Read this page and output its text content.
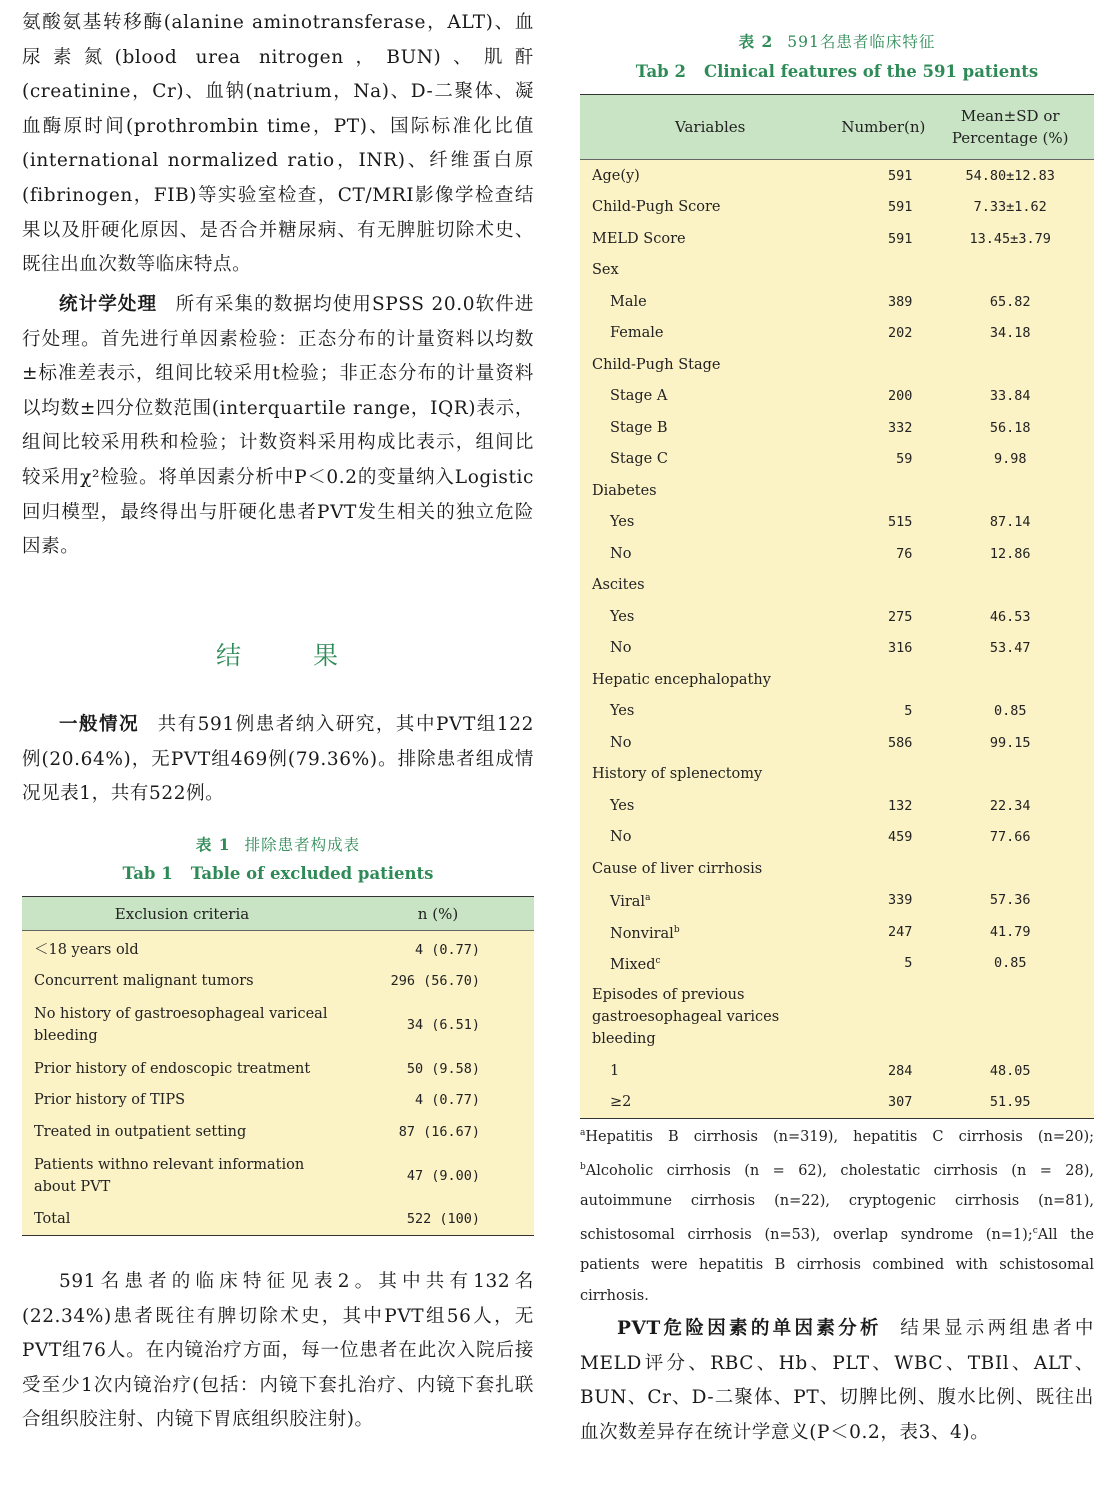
氨酸氨基转移酶(alanine aminotransferase，ALT)、血尿素氮(blood urea nitrogen，BUN)、肌酐(creatinine，Cr)、血钠(natrium，Na)、D-二聚体、凝血酶原时间(prothrombin time，PT)、国际标准化比值(international normalized ratio，INR)、纤维蛋白原(fibrinogen，FIB)等实验室检查，CT/MRI影像学检查结果以及肝硬化原因、是否合并糖尿病、有无脾脏切除术史、既往出血次数等临床特点。

统计学处理 所有采集的数据均使用SPSS 20.0软件进行处理。首先进行单因素检验：正态分布的计量资料以均数±标准差表示，组间比较采用t检验；非正态分布的计量资料以均数±四分位数范围(interquartile range，IQR)表示，组间比较采用秩和检验；计数资料采用构成比表示，组间比较采用χ²检验。将单因素分析中P＜0.2的变量纳入Logistic回归模型，最终得出与肝硬化患者PVT发生相关的独立危险因素。

结 果

一般情况 共有591例患者纳入研究，其中PVT组122例(20.64%)，无PVT组469例(79.36%)。排除患者组成情况见表1，共有522例。

表 1 排除患者构成表
Tab 1 Table of excluded patients
Exclusion criteria	n (%)
＜18 years old	4 (0.77)
Concurrent malignant tumors	296 (56.70)
No history of gastroesophageal variceal bleeding	34 (6.51)
Prior history of endoscopic treatment	50 (9.58)
Prior history of TIPS	4 (0.77)
Treated in outpatient setting	87 (16.67)
Patients withno relevant information about PVT	47 (9.00)
Total	522 (100)

591名患者的临床特征见表2。其中共有132名(22.34%)患者既往有脾切除术史，其中PVT组56人，无PVT组76人。在内镜治疗方面，每一位患者在此次入院后接受至少1次内镜治疗(包括：内镜下套扎治疗、内镜下套扎联合组织胶注射、内镜下胃底组织胶注射)。

表 2 591名患者临床特征
Tab 2 Clinical features of the 591 patients
Variables	Number(n)	Mean±SD or Percentage (%)
Age(y)	591	54.80±12.83
Child-Pugh Score	591	7.33±1.62
MELD Score	591	13.45±3.79
Sex		
Male	389	65.82
Female	202	34.18
Child-Pugh Stage		
Stage A	200	33.84
Stage B	332	56.18
Stage C	59	9.98
Diabetes		
Yes	515	87.14
No	76	12.86
Ascites		
Yes	275	46.53
No	316	53.47
Hepatic encephalopathy		
Yes	5	0.85
No	586	99.15
History of splenectomy		
Yes	132	22.34
No	459	77.66
Cause of liver cirrhosis		
Viral$^a$	339	57.36
Nonviral$^b$	247	41.79
Mixed$^c$	5	0.85
Episodes of previous gastroesophageal varices bleeding		
1	284	48.05
≥2	307	51.95

$^a$Hepatitis B cirrhosis (n=319), hepatitis C cirrhosis (n=20); $^b$Alcoholic cirrhosis (n = 62), cholestatic cirrhosis (n = 28), autoimmune cirrhosis (n=22), cryptogenic cirrhosis (n=81), schistosomal cirrhosis (n=53), overlap syndrome (n=1);$^c$All the patients were hepatitis B cirrhosis combined with schistosomal cirrhosis.

PVT危险因素的单因素分析 结果显示两组患者中MELD评分、RBC、Hb、PLT、WBC、TBIl、ALT、BUN、Cr、D-二聚体、PT、切脾比例、腹水比例、既往出血次数差异存在统计学意义(P＜0.2，表3、4)。
